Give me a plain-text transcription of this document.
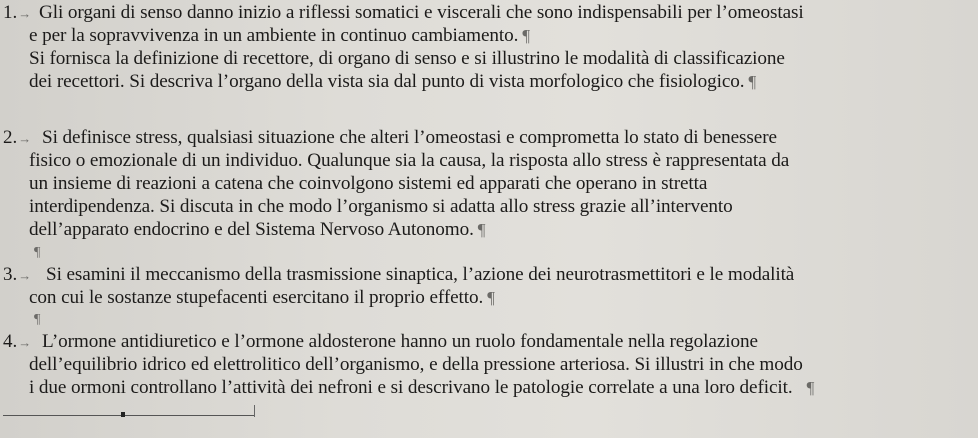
1.→ Gli organi di senso danno inizio a riflessi somatici e viscerali che sono indispensabili per l’omeostasi
e per la sopravvivenza in un ambiente in continuo cambiamento. ¶
Si fornisca la definizione di recettore, di organo di senso e si illustrino le modalità di classificazione
dei recettori. Si descriva l’organo della vista sia dal punto di vista morfologico che fisiologico. ¶
2.→ Si definisce stress, qualsiasi situazione che alteri l’omeostasi e comprometta lo stato di benessere
fisico o emozionale di un individuo. Qualunque sia la causa, la risposta allo stress è rappresentata da
un insieme di reazioni a catena che coinvolgono sistemi ed apparati che operano in stretta
interdipendenza. Si discuta in che modo l’organismo si adatta allo stress grazie all’intervento
dell’apparato endocrino e del Sistema Nervoso Autonomo. ¶
¶
3.→ Si esamini il meccanismo della trasmissione sinaptica, l’azione dei neurotrasmettitori e le modalità
con cui le sostanze stupefacenti esercitano il proprio effetto. ¶
¶
4.→ L’ormone antidiuretico e l’ormone aldosterone hanno un ruolo fondamentale nella regolazione
dell’equilibrio idrico ed elettrolitico dell’organismo, e della pressione arteriosa. Si illustri in che modo
i due ormoni controllano l’attività dei nefroni e si descrivano le patologie correlate a una loro deficit. ¶
